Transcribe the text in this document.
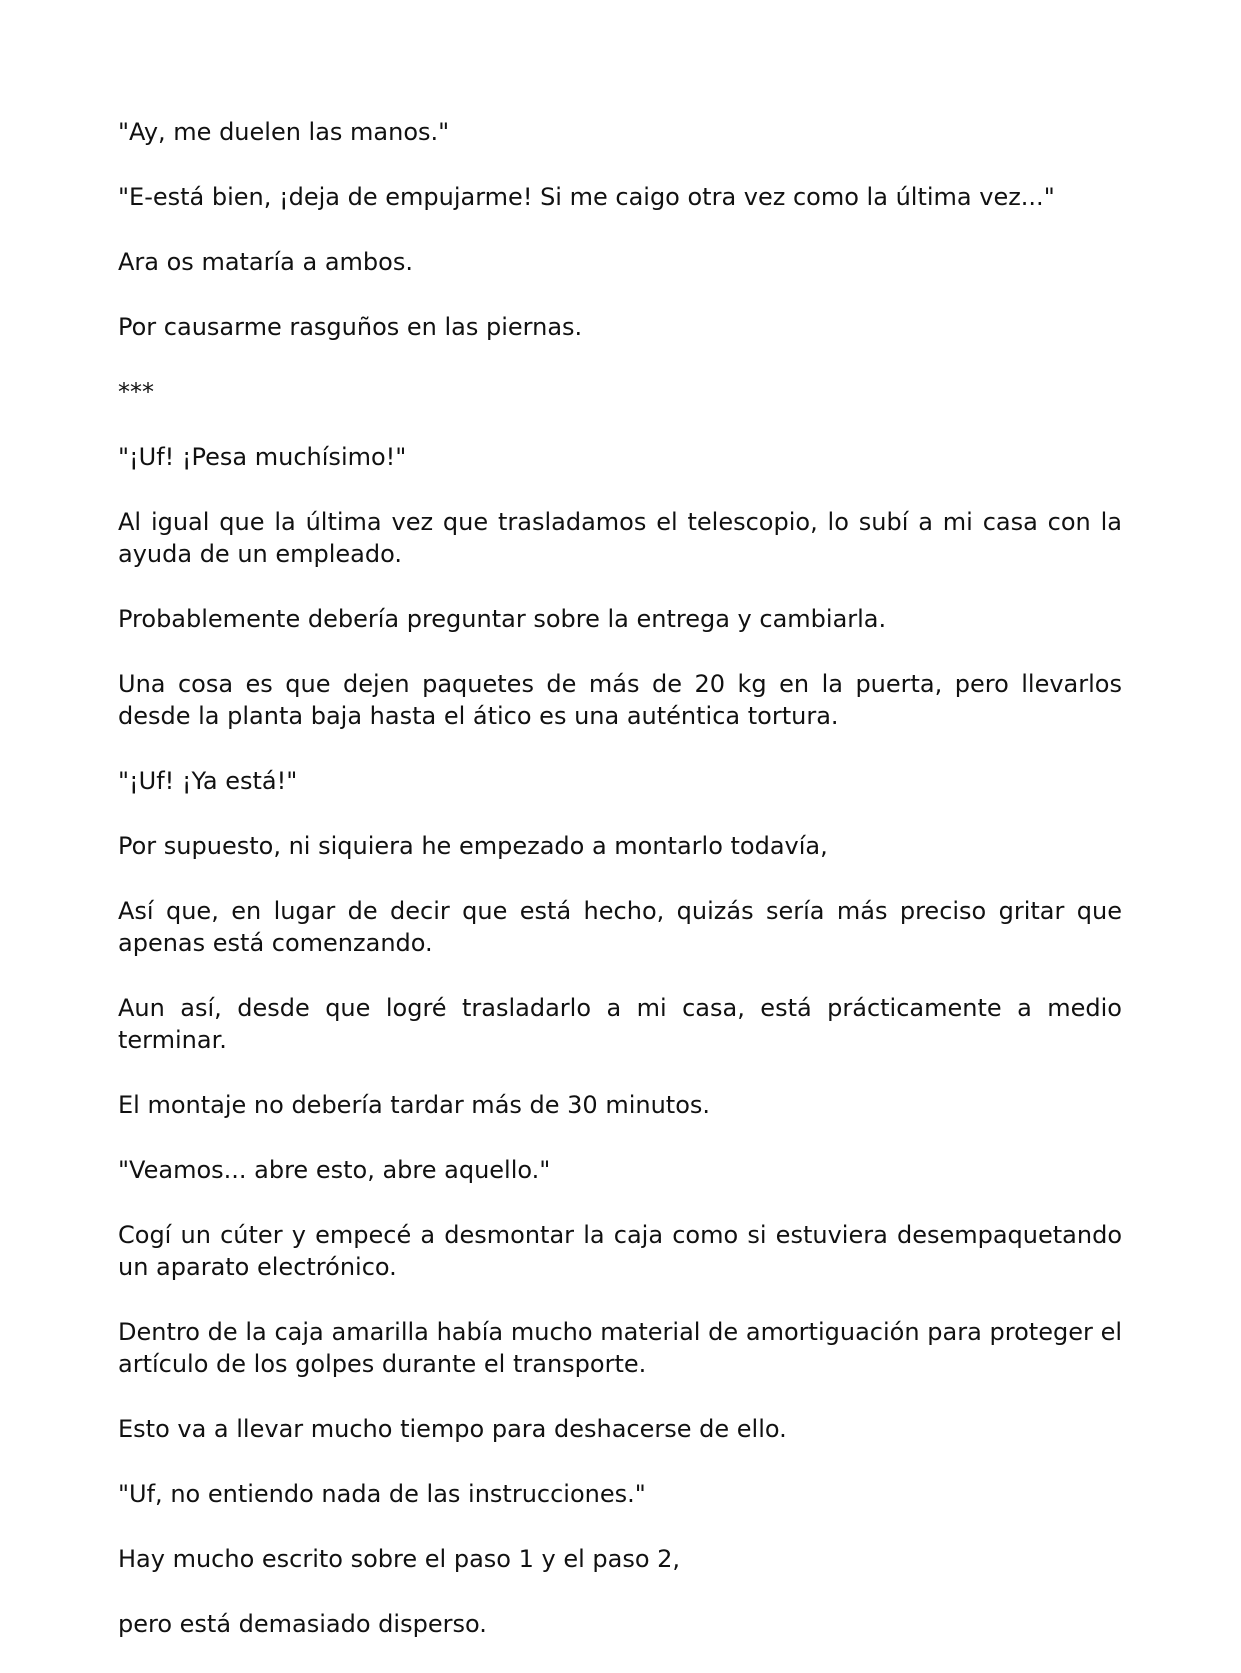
"Ay, me duelen las manos."

"E-está bien, ¡deja de empujarme! Si me caigo otra vez como la última vez..."

Ara os mataría a ambos.

Por causarme rasguños en las piernas.

***

"¡Uf! ¡Pesa muchísimo!"

Al igual que la última vez que trasladamos el telescopio, lo subí a mi casa con la ayuda de un empleado.

Probablemente debería preguntar sobre la entrega y cambiarla.

Una cosa es que dejen paquetes de más de 20 kg en la puerta, pero llevarlos desde la planta baja hasta el ático es una auténtica tortura.

"¡Uf! ¡Ya está!"

Por supuesto, ni siquiera he empezado a montarlo todavía,

Así que, en lugar de decir que está hecho, quizás sería más preciso gritar que apenas está comenzando.

Aun así, desde que logré trasladarlo a mi casa, está prácticamente a medio terminar.

El montaje no debería tardar más de 30 minutos.

"Veamos... abre esto, abre aquello."

Cogí un cúter y empecé a desmontar la caja como si estuviera desempaquetando un aparato electrónico.

Dentro de la caja amarilla había mucho material de amortiguación para proteger el artículo de los golpes durante el transporte.

Esto va a llevar mucho tiempo para deshacerse de ello.

"Uf, no entiendo nada de las instrucciones."

Hay mucho escrito sobre el paso 1 y el paso 2,

pero está demasiado disperso.
